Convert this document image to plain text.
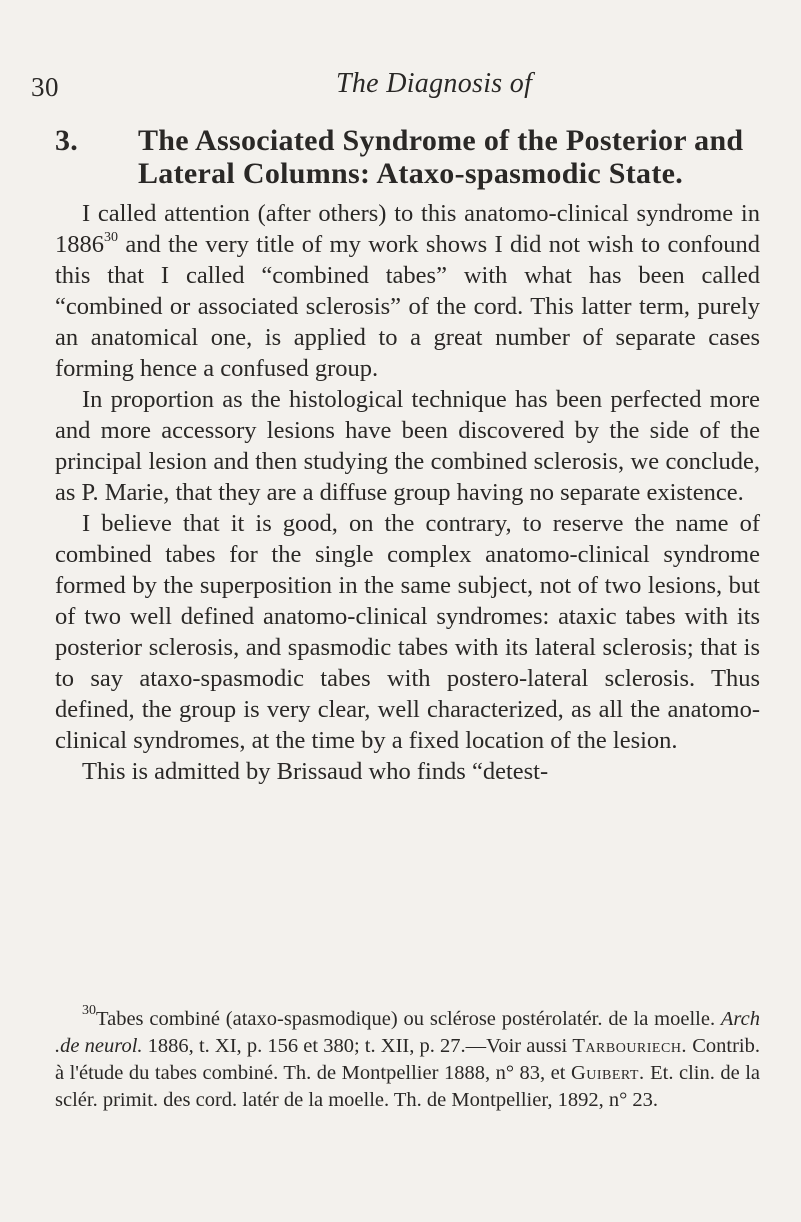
30	The Diagnosis of
3. The Associated Syndrome of the Posterior and Lateral Columns: Ataxo-spasmodic State.

I called attention (after others) to this anatomo-clinical syndrome in 1886$^{30}$ and the very title of my work shows I did not wish to confound this that I called “combined tabes” with what has been called “combined or associated sclerosis” of the cord. This latter term, purely an anatomical one, is applied to a great number of separate cases forming hence a confused group.

In proportion as the histological technique has been perfected more and more accessory lesions have been discovered by the side of the principal lesion and then studying the combined sclerosis, we conclude, as P. Marie, that they are a diffuse group having no separate existence.

I believe that it is good, on the contrary, to reserve the name of combined tabes for the single complex anatomo-clinical syndrome formed by the superposition in the same subject, not of two lesions, but of two well defined anatomo-clinical syndromes: ataxic tabes with its posterior sclerosis, and spasmodic tabes with its lateral sclerosis; that is to say ataxo-spasmodic tabes with postero-lateral sclerosis. Thus defined, the group is very clear, well characterized, as all the anatomo-clinical syndromes, at the time by a fixed location of the lesion.

This is admitted by Brissaud who finds “detest-

$^{30}$Tabes combiné (ataxo-spasmodique) ou sclérose postérolatér. de la moelle. Arch .de neurol. 1886, t. XI, p. 156 et 380; t. XII, p. 27.—Voir aussi Tarbouriech. Contrib. à l'étude du tabes combiné. Th. de Montpellier 1888, n° 83, et Guibert. Et. clin. de la sclér. primit. des cord. latér de la moelle. Th. de Montpellier, 1892, n° 23.
